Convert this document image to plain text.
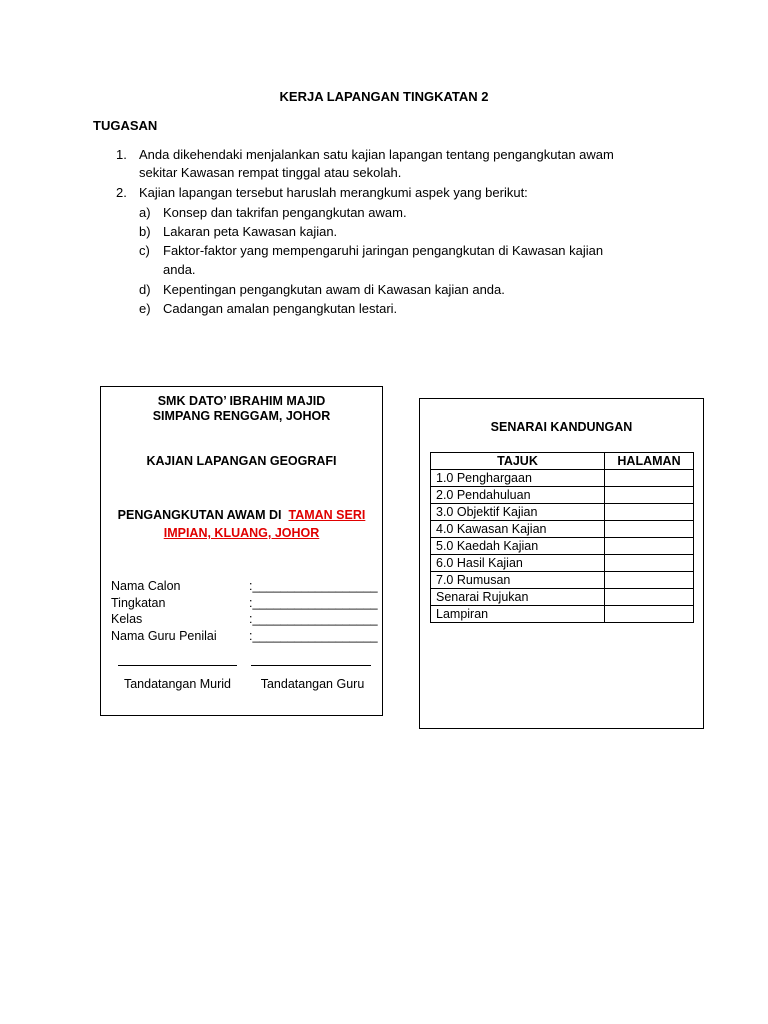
KERJA LAPANGAN TINGKATAN 2
TUGASAN
1. Anda dikehendaki menjalankan satu kajian lapangan tentang pengangkutan awam
sekitar Kawasan rempat tinggal atau sekolah.
2. Kajian lapangan tersebut haruslah merangkumi aspek yang berikut:
a) Konsep dan takrifan pengangkutan awam.
b) Lakaran peta Kawasan kajian.
c) Faktor-faktor yang mempengaruhi jaringan pengangkutan di Kawasan kajian
anda.
d) Kepentingan pengangkutan awam di Kawasan kajian anda.
e) Cadangan amalan pengangkutan lestari.
SMK DATO’ IBRAHIM MAJID
SIMPANG RENGGAM, JOHOR
KAJIAN LAPANGAN GEOGRAFI
PENGANGKUTAN AWAM DI TAMAN SERI
IMPIAN, KLUANG, JOHOR
Nama Calon	:__________________
Tingkatan	:__________________
Kelas	:__________________
Nama Guru Penilai	:__________________
Tandatangan Murid	Tandatangan Guru
SENARAI KANDUNGAN
TAJUK	HALAMAN
1.0 Penghargaan	
2.0 Pendahuluan	
3.0 Objektif Kajian	
4.0 Kawasan Kajian	
5.0 Kaedah Kajian	
6.0 Hasil Kajian	
7.0 Rumusan	
Senarai Rujukan	
Lampiran	
